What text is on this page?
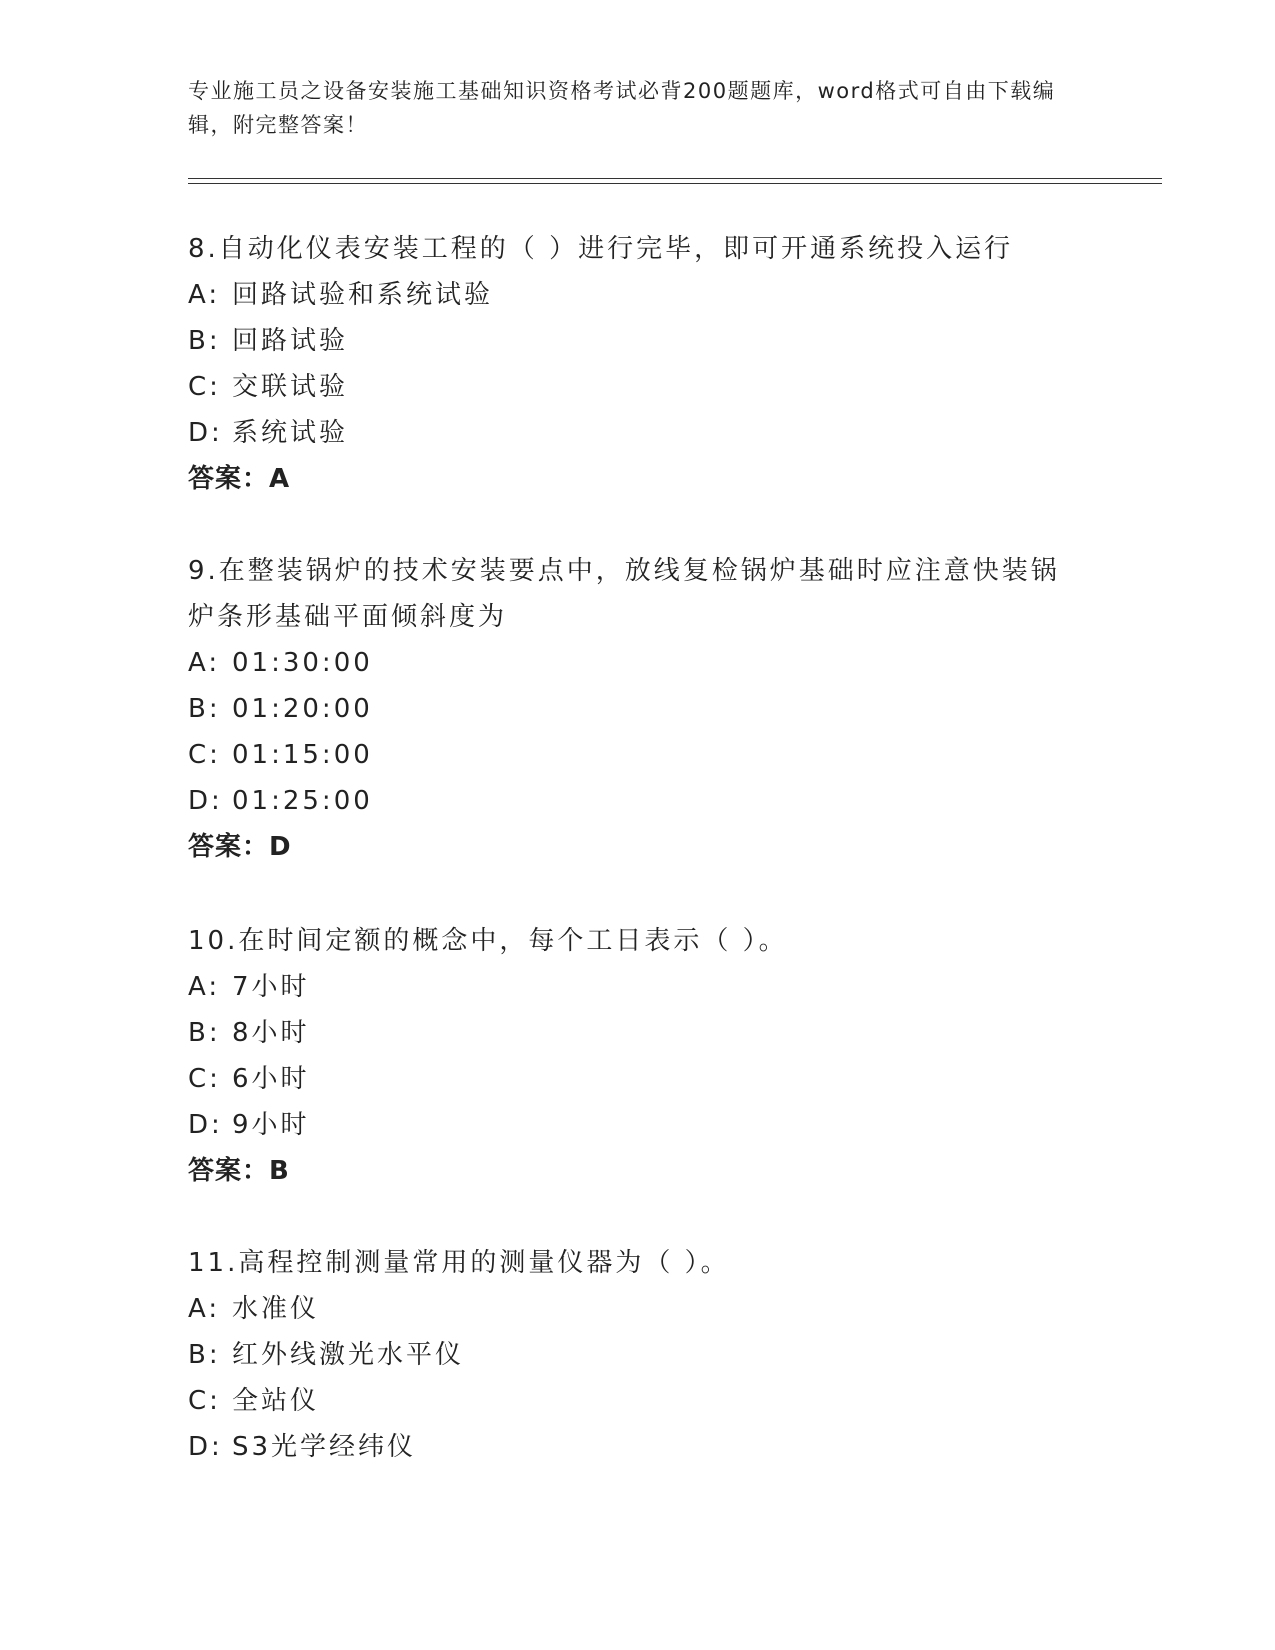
专业施工员之设备安装施工基础知识资格考试必背200题题库，word格式可自由下载编辑，附完整答案！
8.自动化仪表安装工程的（ ）进行完毕，即可开通系统投入运行
A: 回路试验和系统试验
B: 回路试验
C: 交联试验
D: 系统试验
答案：A
9.在整装锅炉的技术安装要点中，放线复检锅炉基础时应注意快装锅炉条形基础平面倾斜度为
A: 01:30:00
B: 01:20:00
C: 01:15:00
D: 01:25:00
答案：D
10.在时间定额的概念中，每个工日表示（ ）。
A: 7小时
B: 8小时
C: 6小时
D: 9小时
答案：B
11.高程控制测量常用的测量仪器为（ ）。
A: 水准仪
B: 红外线激光水平仪
C: 全站仪
D: S3光学经纬仪
